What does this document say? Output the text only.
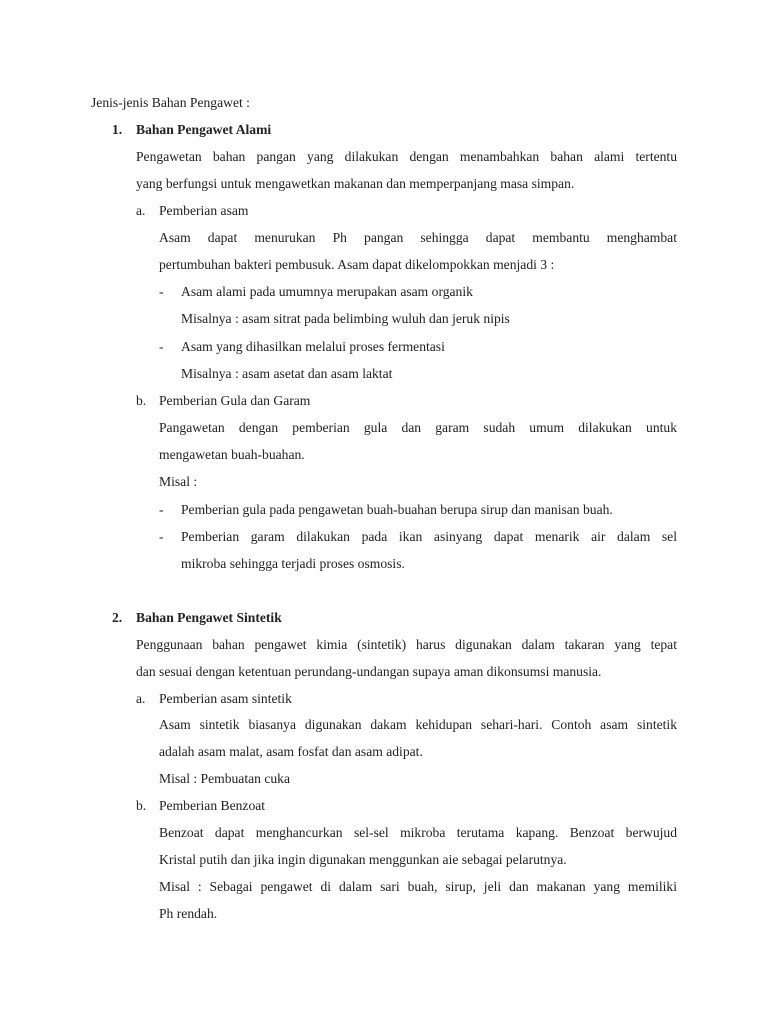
Jenis-jenis Bahan Pengawet :

1. Bahan Pengawet Alami

Pengawetan bahan pangan yang dilakukan dengan menambahkan bahan alami tertentu

yang berfungsi untuk mengawetkan makanan dan memperpanjang masa simpan.

a. Pemberian asam

Asam dapat menurukan Ph pangan sehingga dapat membantu menghambat

pertumbuhan bakteri pembusuk. Asam dapat dikelompokkan menjadi 3 :

- Asam alami pada umumnya merupakan asam organik

Misalnya : asam sitrat pada belimbing wuluh dan jeruk nipis

- Asam yang dihasilkan melalui proses fermentasi

Misalnya : asam asetat dan asam laktat

b. Pemberian Gula dan Garam

Pangawetan dengan pemberian gula dan garam sudah umum dilakukan untuk

mengawetan buah-buahan.

Misal :

- Pemberian gula pada pengawetan buah-buahan berupa sirup dan manisan buah.

- Pemberian garam dilakukan pada ikan asinyang dapat menarik air dalam sel

mikroba sehingga terjadi proses osmosis.

2. Bahan Pengawet Sintetik

Penggunaan bahan pengawet kimia (sintetik) harus digunakan dalam takaran yang tepat

dan sesuai dengan ketentuan perundang-undangan supaya aman dikonsumsi manusia.

a. Pemberian asam sintetik

Asam sintetik biasanya digunakan dakam kehidupan sehari-hari. Contoh asam sintetik

adalah asam malat, asam fosfat dan asam adipat.

Misal : Pembuatan cuka

b. Pemberian Benzoat

Benzoat dapat menghancurkan sel-sel mikroba terutama kapang. Benzoat berwujud

Kristal putih dan jika ingin digunakan menggunkan aie sebagai pelarutnya.

Misal : Sebagai pengawet di dalam sari buah, sirup, jeli dan makanan yang memiliki

Ph rendah.
